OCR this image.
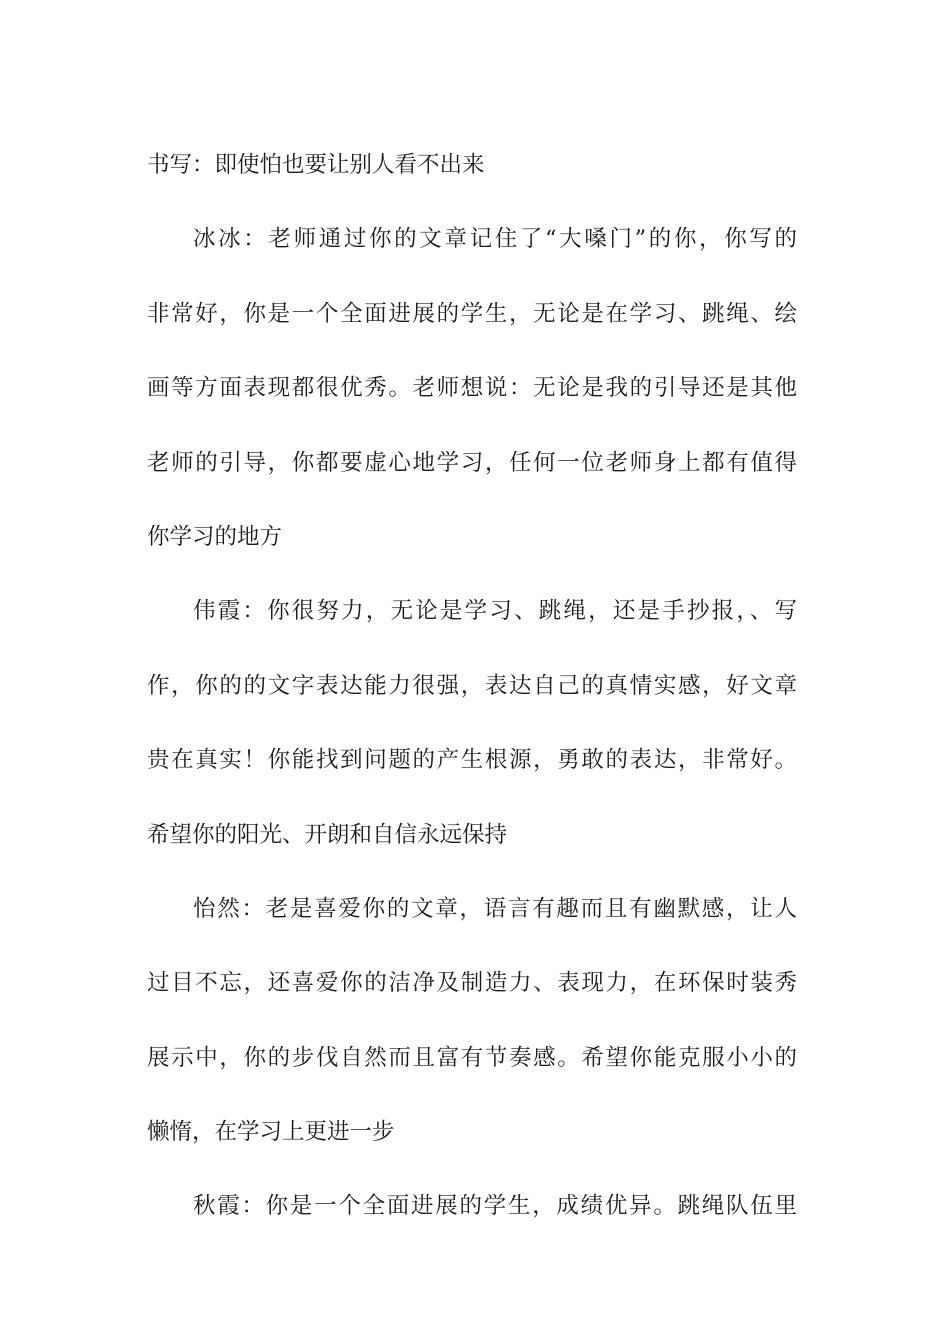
书写：即使怕也要让别人看不出来
冰冰：老师通过你的文章记住了“大嗓门”的你，你写的
非常好，你是一个全面进展的学生，无论是在学习、跳绳、绘
画等方面表现都很优秀。老师想说：无论是我的引导还是其他
老师的引导，你都要虚心地学习，任何一位老师身上都有值得
你学习的地方
伟霞：你很努力，无论是学习、跳绳，还是手抄报，、写
作，你的的文字表达能力很强，表达自己的真情实感，好文章
贵在真实！你能找到问题的产生根源，勇敢的表达，非常好。
希望你的阳光、开朗和自信永远保持
怡然：老是喜爱你的文章，语言有趣而且有幽默感，让人
过目不忘，还喜爱你的洁净及制造力、表现力，在环保时装秀
展示中，你的步伐自然而且富有节奏感。希望你能克服小小的
懒惰，在学习上更进一步
秋霞：你是一个全面进展的学生，成绩优异。跳绳队伍里
